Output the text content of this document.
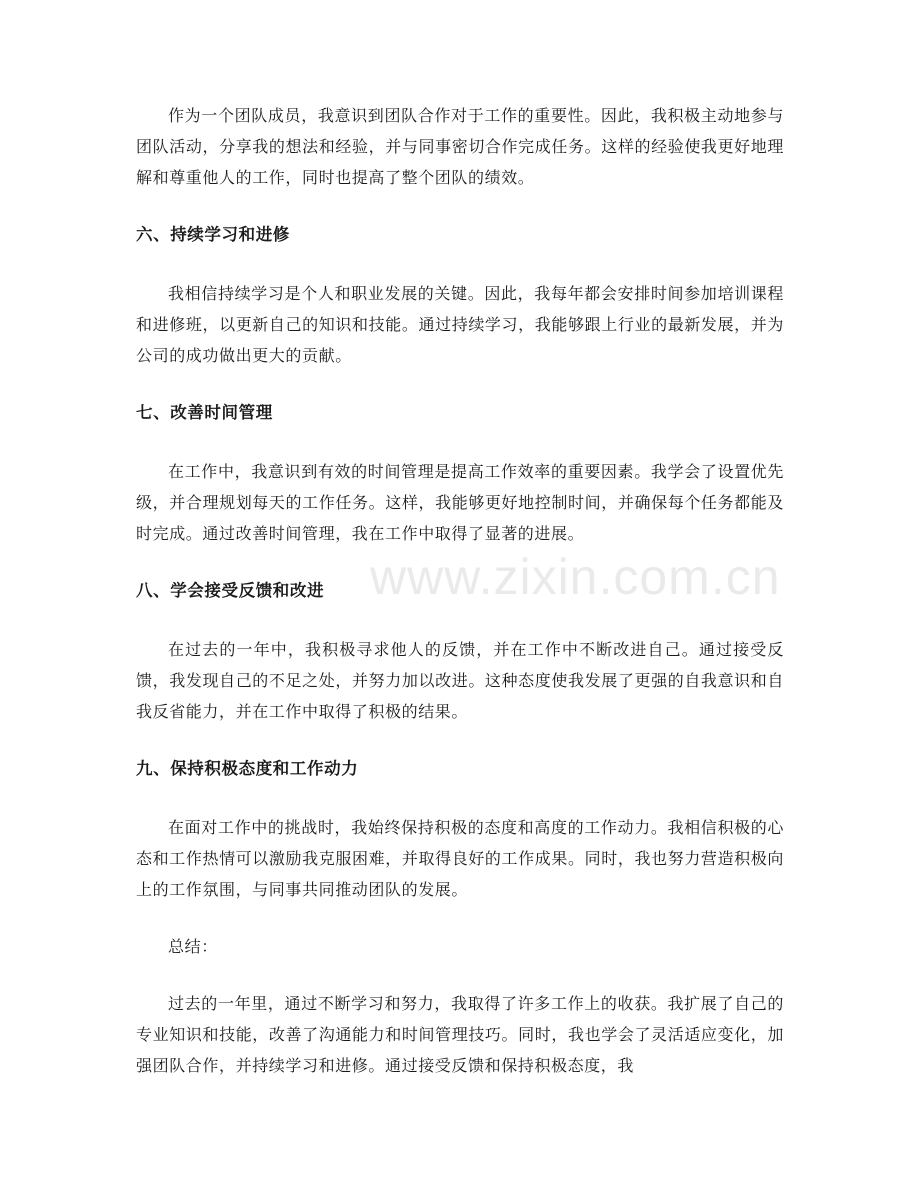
作为一个团队成员，我意识到团队合作对于工作的重要性。因此，我积极主动地参与团队活动，分享我的想法和经验，并与同事密切合作完成任务。这样的经验使我更好地理解和尊重他人的工作，同时也提高了整个团队的绩效。

六、持续学习和进修

我相信持续学习是个人和职业发展的关键。因此，我每年都会安排时间参加培训课程和进修班，以更新自己的知识和技能。通过持续学习，我能够跟上行业的最新发展，并为公司的成功做出更大的贡献。

七、改善时间管理

在工作中，我意识到有效的时间管理是提高工作效率的重要因素。我学会了设置优先级，并合理规划每天的工作任务。这样，我能够更好地控制时间，并确保每个任务都能及时完成。通过改善时间管理，我在工作中取得了显著的进展。

八、学会接受反馈和改进

在过去的一年中，我积极寻求他人的反馈，并在工作中不断改进自己。通过接受反馈，我发现自己的不足之处，并努力加以改进。这种态度使我发展了更强的自我意识和自我反省能力，并在工作中取得了积极的结果。

九、保持积极态度和工作动力

在面对工作中的挑战时，我始终保持积极的态度和高度的工作动力。我相信积极的心态和工作热情可以激励我克服困难，并取得良好的工作成果。同时，我也努力营造积极向上的工作氛围，与同事共同推动团队的发展。

总结：

过去的一年里，通过不断学习和努力，我取得了许多工作上的收获。我扩展了自己的专业知识和技能，改善了沟通能力和时间管理技巧。同时，我也学会了灵活适应变化，加强团队合作，并持续学习和进修。通过接受反馈和保持积极态度，我

www.zixin.com.cn
